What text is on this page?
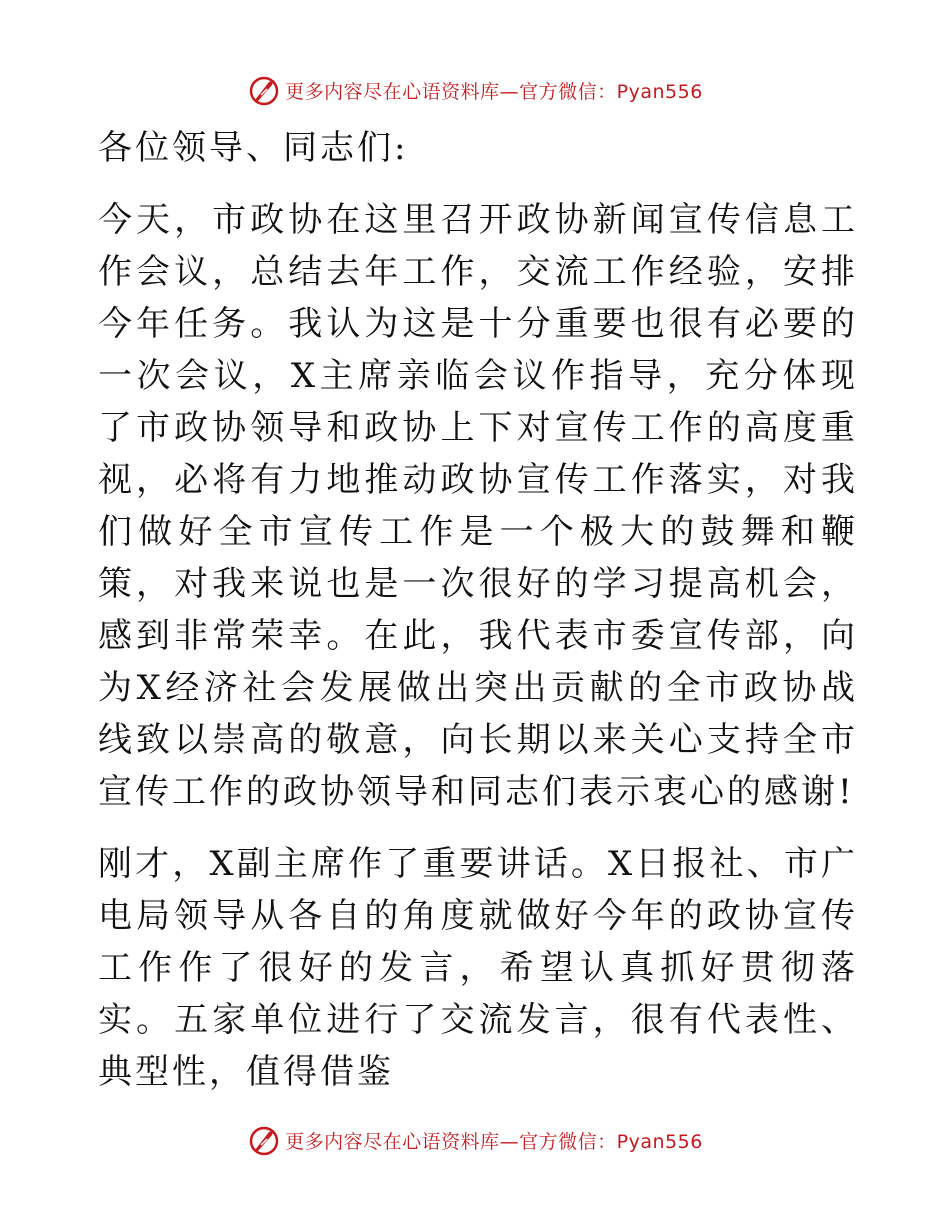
更多内容尽在心语资料库—官方微信：Pyan556

各位领导、同志们:

今天，市政协在这里召开政协新闻宣传信息工作会议，总结去年工作，交流工作经验，安排今年任务。我认为这是十分重要也很有必要的一次会议，X主席亲临会议作指导，充分体现了市政协领导和政协上下对宣传工作的高度重视，必将有力地推动政协宣传工作落实，对我们做好全市宣传工作是一个极大的鼓舞和鞭策，对我来说也是一次很好的学习提高机会，感到非常荣幸。在此，我代表市委宣传部，向为X经济社会发展做出突出贡献的全市政协战线致以崇高的敬意，向长期以来关心支持全市宣传工作的政协领导和同志们表示衷心的感谢!

刚才，X副主席作了重要讲话。X日报社、市广电局领导从各自的角度就做好今年的政协宣传工作作了很好的发言，希望认真抓好贯彻落实。五家单位进行了交流发言，很有代表性、典型性，值得借鉴

更多内容尽在心语资料库—官方微信：Pyan556
